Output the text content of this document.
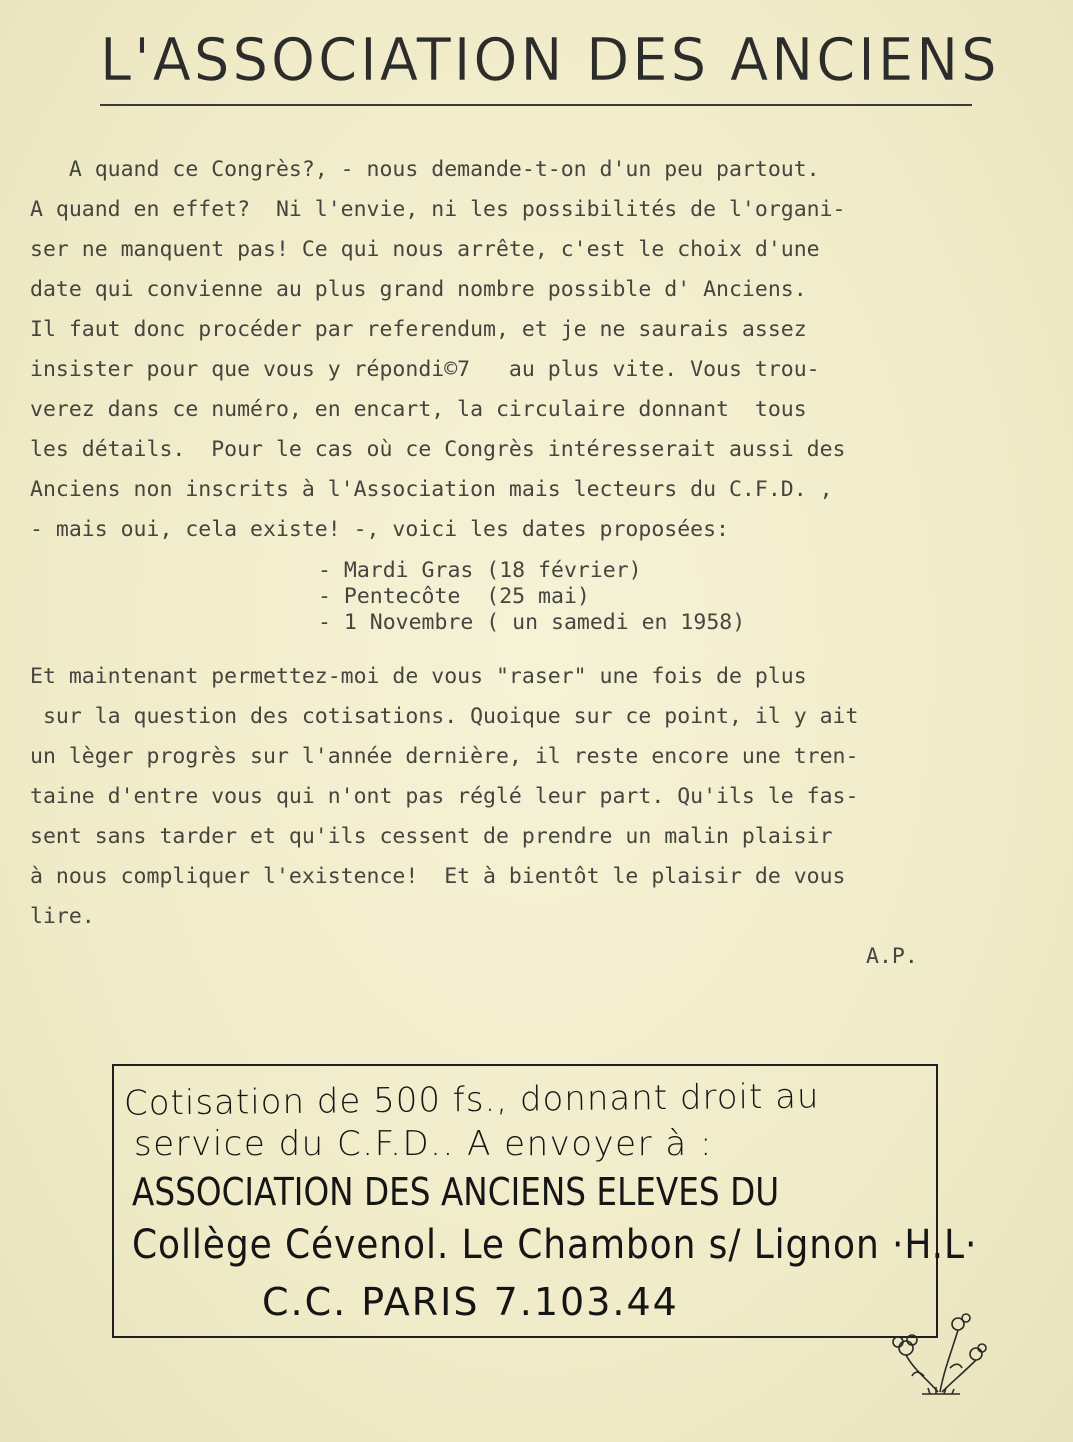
L'ASSOCIATION DES ANCIENS
A quand ce Congrès?, - nous demande-t-on d'un peu partout.
A quand en effet?  Ni l'envie, ni les possibilités de l'organi-
ser ne manquent pas! Ce qui nous arrête, c'est le choix d'une
date qui convienne au plus grand nombre possible d' Anciens.
Il faut donc procéder par referendum, et je ne saurais assez
insister pour que vous y répondi©7   au plus vite. Vous trou-
verez dans ce numéro, en encart, la circulaire donnant  tous
les détails.  Pour le cas où ce Congrès intéresserait aussi des
Anciens non inscrits à l'Association mais lecteurs du C.F.D. ,
- mais oui, cela existe! -, voici les dates proposées:
- Mardi Gras (18 février)
- Pentecôte  (25 mai)
- 1 Novembre ( un samedi en 1958)
Et maintenant permettez-moi de vous "raser" une fois de plus
sur la question des cotisations. Quoique sur ce point, il y ait
un lèger progrès sur l'année dernière, il reste encore une tren-
taine d'entre vous qui n'ont pas réglé leur part. Qu'ils le fas-
sent sans tarder et qu'ils cessent de prendre un malin plaisir
à nous compliquer l'existence!  Et à bientôt le plaisir de vous
lire.
A.P.
Cotisation de 500 fs., donnant droit au
service du C.F.D.. A envoyer à :
ASSOCIATION DES ANCIENS ELEVES DU
Collège Cévenol. Le Chambon s/ Lignon ·H.L·
C.C. PARIS 7.103.44
